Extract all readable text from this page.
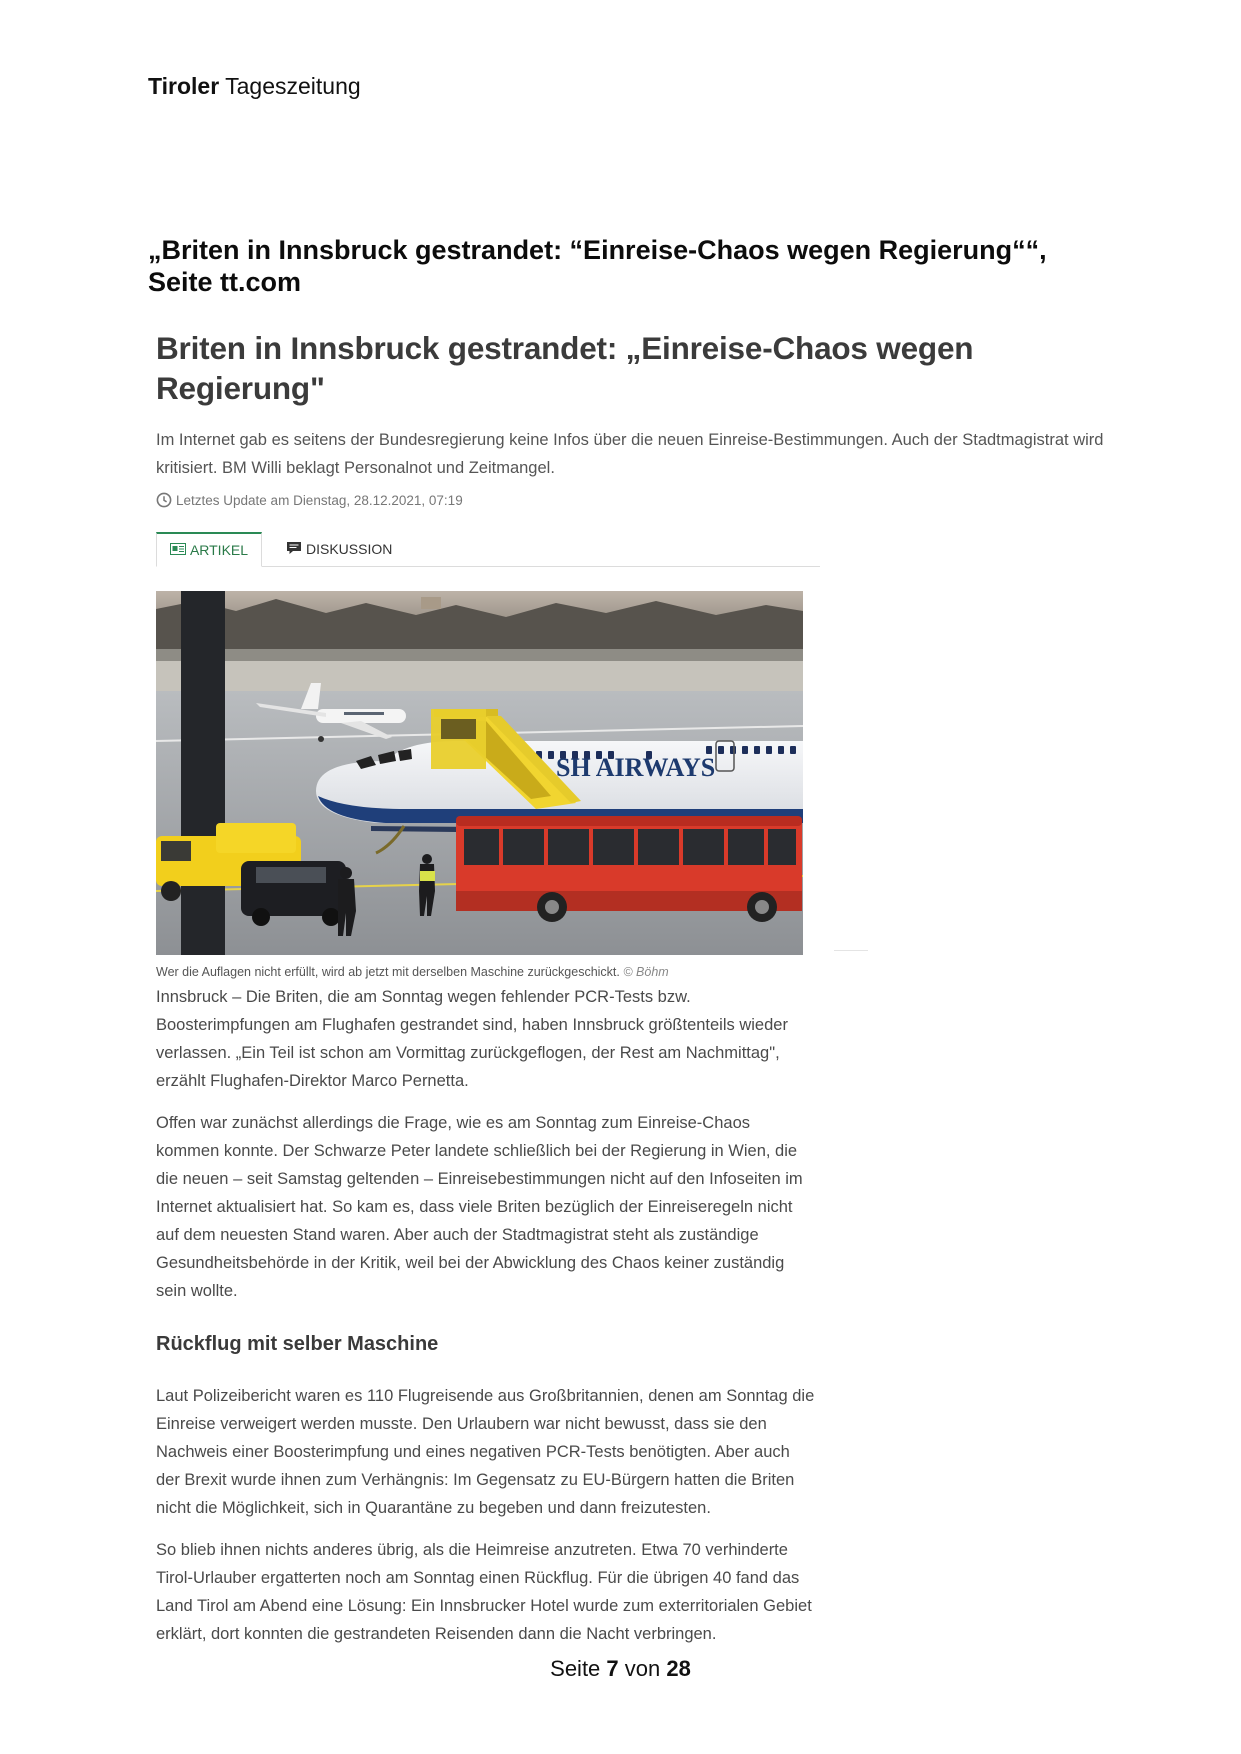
Tiroler Tageszeitung
„Briten in Innsbruck gestrandet: “Einreise-Chaos wegen Regierung““, Seite tt.com
Briten in Innsbruck gestrandet: „Einreise-Chaos wegen Regierung"

Im Internet gab es seitens der Bundesregierung keine Infos über die neuen Einreise-Bestimmungen. Auch der Stadtmagistrat wird kritisiert. BM Willi beklagt Personalnot und Zeitmangel.

Letztes Update am Dienstag, 28.12.2021, 07:19
ARTIKEL	DISKUSSION
SH AIRWAYS
Wer die Auflagen nicht erfüllt, wird ab jetzt mit derselben Maschine zurückgeschickt. © Böhm

Innsbruck – Die Briten, die am Sonntag wegen fehlender PCR-Tests bzw. Boosterimpfungen am Flughafen gestrandet sind, haben Innsbruck größtenteils wieder verlassen. „Ein Teil ist schon am Vormittag zurückgeflogen, der Rest am Nachmittag", erzählt Flughafen-Direktor Marco Pernetta.

Offen war zunächst allerdings die Frage, wie es am Sonntag zum Einreise-Chaos kommen konnte. Der Schwarze Peter landete schließlich bei der Regierung in Wien, die die neuen – seit Samstag geltenden – Einreisebestimmungen nicht auf den Infoseiten im Internet aktualisiert hat. So kam es, dass viele Briten bezüglich der Einreiseregeln nicht auf dem neuesten Stand waren. Aber auch der Stadtmagistrat steht als zuständige Gesundheitsbehörde in der Kritik, weil bei der Abwicklung des Chaos keiner zuständig sein wollte.

Rückflug mit selber Maschine

Laut Polizeibericht waren es 110 Flugreisende aus Großbritannien, denen am Sonntag die Einreise verweigert werden musste. Den Urlaubern war nicht bewusst, dass sie den Nachweis einer Boosterimpfung und eines negativen PCR-Tests benötigten. Aber auch der Brexit wurde ihnen zum Verhängnis: Im Gegensatz zu EU-Bürgern hatten die Briten nicht die Möglichkeit, sich in Quarantäne zu begeben und dann freizutesten.

So blieb ihnen nichts anderes übrig, als die Heimreise anzutreten. Etwa 70 verhinderte Tirol-Urlauber ergatterten noch am Sonntag einen Rückflug. Für die übrigen 40 fand das Land Tirol am Abend eine Lösung: Ein Innsbrucker Hotel wurde zum exterritorialen Gebiet erklärt, dort konnten die gestrandeten Reisenden dann die Nacht verbringen.

Seite 7 von 28
